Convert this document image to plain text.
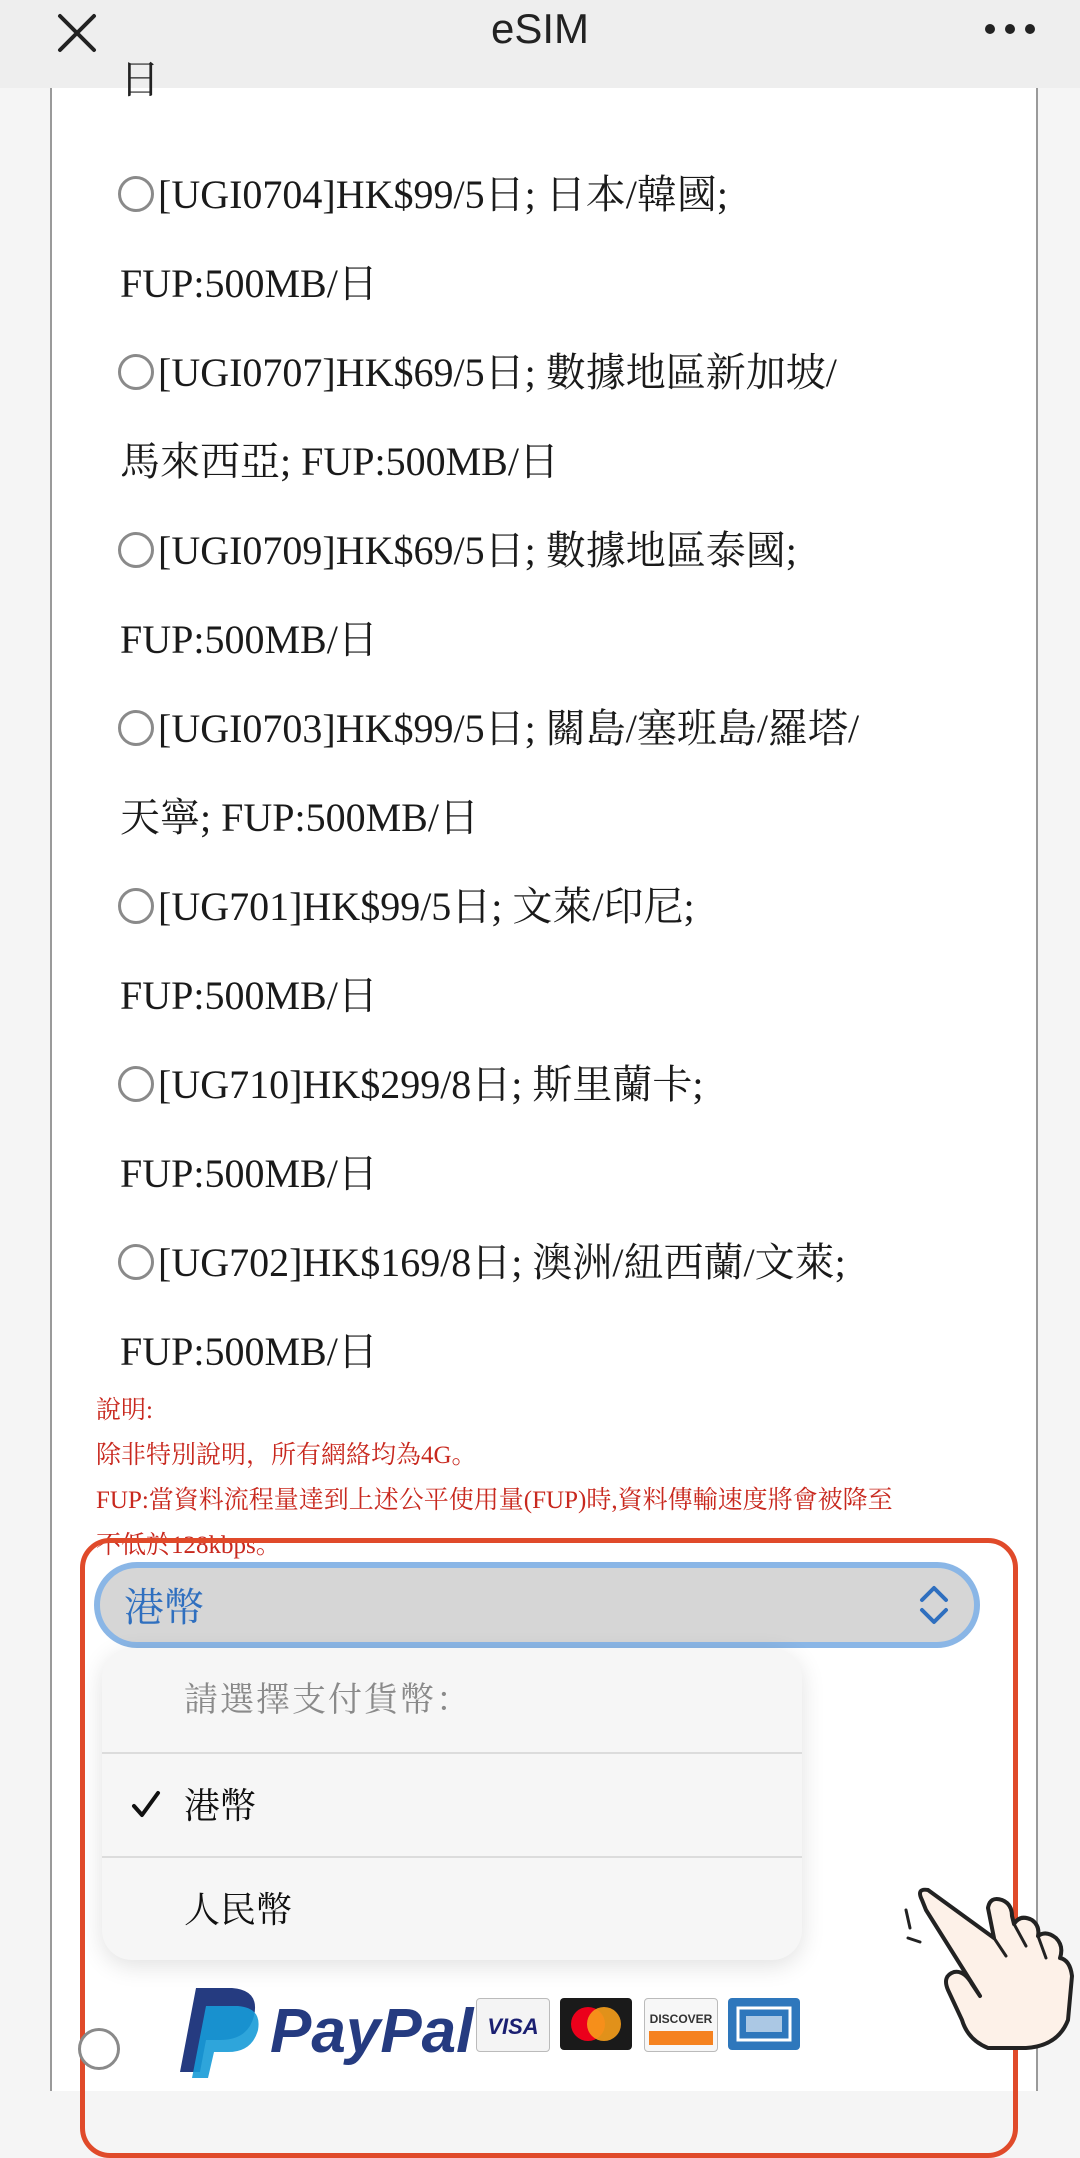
eSIM
日
[UGI0704]HK$99/5日; 日本/韓國;
FUP:500MB/日
[UGI0707]HK$69/5日; 數據地區新加坡/
馬來西亞; FUP:500MB/日
[UGI0709]HK$69/5日; 數據地區泰國;
FUP:500MB/日
[UGI0703]HK$99/5日; 關島/塞班島/羅塔/
天寧; FUP:500MB/日
[UG701]HK$99/5日; 文萊/印尼;
FUP:500MB/日
[UG710]HK$299/8日; 斯里蘭卡;
FUP:500MB/日
[UG702]HK$169/8日; 澳洲/紐西蘭/文萊;
FUP:500MB/日

說明:

除非特別說明，所有網絡均為4G。

FUP:當資料流程量達到上述公平使用量(FUP)時,資料傳輸速度將會被降至

不低於128kbps。

港幣
請選擇支付貨幣：
港幣
人民幣
PayPal VISA	DISCOVER
